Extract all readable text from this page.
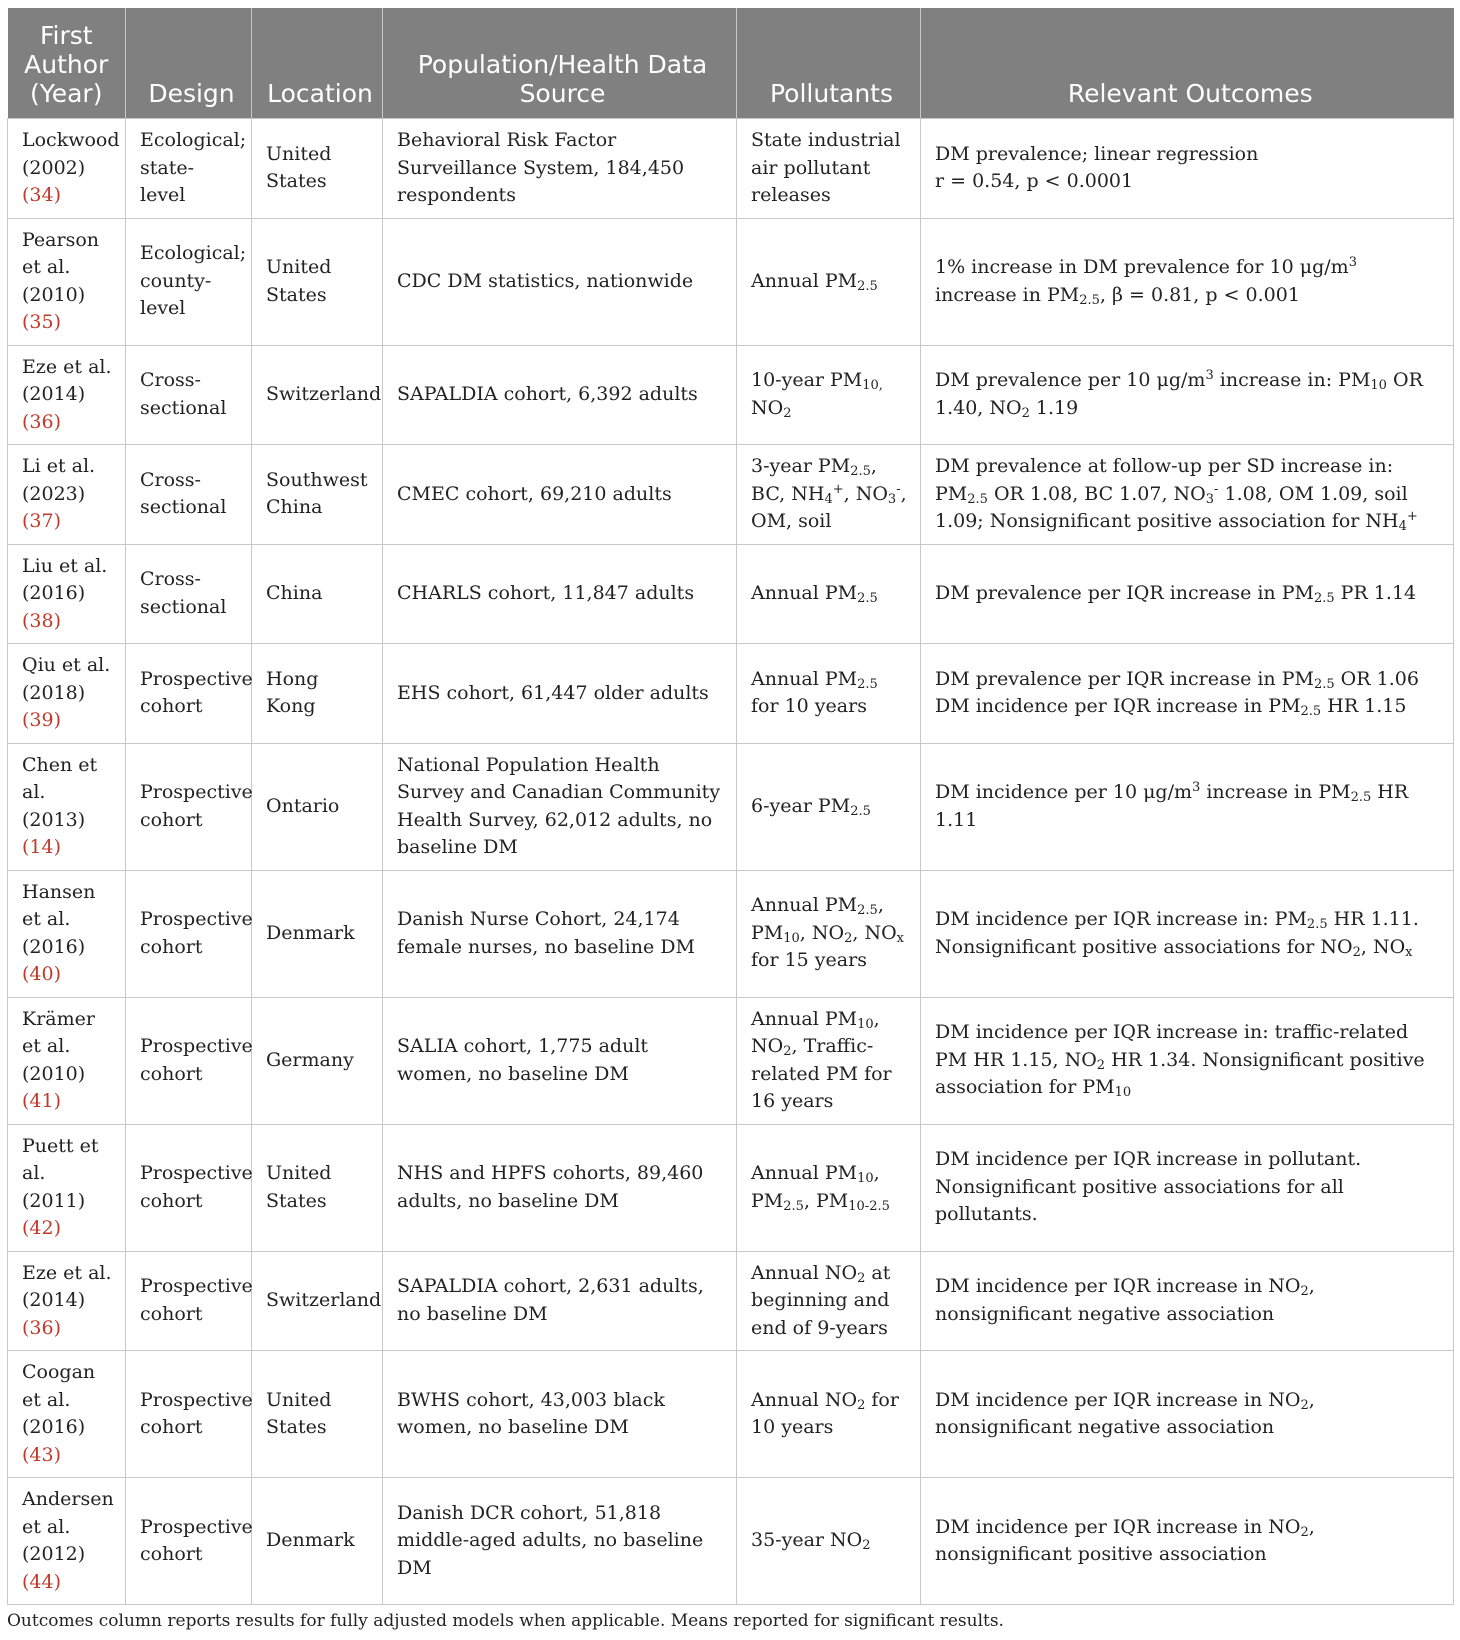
First Author (Year)	Design	Location	Population/Health Data Source	Pollutants	Relevant Outcomes
Lockwood (2002) (34)	Ecological; state-level	United States	Behavioral Risk Factor Surveillance System, 184,450 respondents	State industrial air pollutant releases	DM prevalence; linear regression
r = 0.54, p < 0.0001
Pearson et al. (2010) (35)	Ecological; county-level	United States	CDC DM statistics, nationwide	Annual $PM_{2.5}$	1% increase in DM prevalence for 10 $\mu g/m^3$ increase in $PM_{2.5}$, β = 0.81, p < 0.001
Eze et al. (2014) (36)	Cross-sectional	Switzerland	SAPALDIA cohort, 6,392 adults	10-year $PM_{10,}$ $NO_2$	DM prevalence per 10 $\mu g/m^3$ increase in: $PM_{10}$ OR 1.40, $NO_2$ 1.19
Li et al. (2023) (37)	Cross-sectional	Southwest China	CMEC cohort, 69,210 adults	3-year $PM_{2.5}$, BC, $NH_4^+$, $NO_3^-$, OM, soil	DM prevalence at follow-up per SD increase in: $PM_{2.5}$ OR 1.08, BC 1.07, $NO_3^-$ 1.08, OM 1.09, soil 1.09; Nonsignificant positive association for $NH_4^+$
Liu et al. (2016) (38)	Cross-sectional	China	CHARLS cohort, 11,847 adults	Annual $PM_{2.5}$	DM prevalence per IQR increase in $PM_{2.5}$ PR 1.14
Qiu et al. (2018) (39)	Prospective cohort	Hong Kong	EHS cohort, 61,447 older adults	Annual $PM_{2.5}$ for 10 years	DM prevalence per IQR increase in $PM_{2.5}$ OR 1.06
DM incidence per IQR increase in $PM_{2.5}$ HR 1.15
Chen et al. (2013) (14)	Prospective cohort	Ontario	National Population Health Survey and Canadian Community Health Survey, 62,012 adults, no baseline DM	6-year $PM_{2.5}$	DM incidence per 10 $\mu g/m^3$ increase in $PM_{2.5}$ HR 1.11
Hansen et al. (2016) (40)	Prospective cohort	Denmark	Danish Nurse Cohort, 24,174 female nurses, no baseline DM	Annual $PM_{2.5}$, $PM_{10}$, $NO_2$, $NO_x$ for 15 years	DM incidence per IQR increase in: $PM_{2.5}$ HR 1.11. Nonsignificant positive associations for $NO_2$, $NO_x$
Krämer et al. (2010) (41)	Prospective cohort	Germany	SALIA cohort, 1,775 adult women, no baseline DM	Annual $PM_{10}$, $NO_2$, Traffic-related PM for 16 years	DM incidence per IQR increase in: traffic-related PM HR 1.15, $NO_2$ HR 1.34. Nonsignificant positive association for $PM_{10}$
Puett et al. (2011) (42)	Prospective cohort	United States	NHS and HPFS cohorts, 89,460 adults, no baseline DM	Annual $PM_{10}$, $PM_{2.5}$, $PM_{10-2.5}$	DM incidence per IQR increase in pollutant. Nonsignificant positive associations for all pollutants.
Eze et al. (2014) (36)	Prospective cohort	Switzerland	SAPALDIA cohort, 2,631 adults, no baseline DM	Annual $NO_2$ at beginning and end of 9-years	DM incidence per IQR increase in $NO_2$, nonsignificant negative association
Coogan et al. (2016) (43)	Prospective cohort	United States	BWHS cohort, 43,003 black women, no baseline DM	Annual $NO_2$ for 10 years	DM incidence per IQR increase in $NO_2$, nonsignificant negative association
Andersen et al. (2012) (44)	Prospective cohort	Denmark	Danish DCR cohort, 51,818 middle-aged adults, no baseline DM	35-year $NO_2$	DM incidence per IQR increase in $NO_2$, nonsignificant positive association
Outcomes column reports results for fully adjusted models when applicable. Means reported for significant results.
